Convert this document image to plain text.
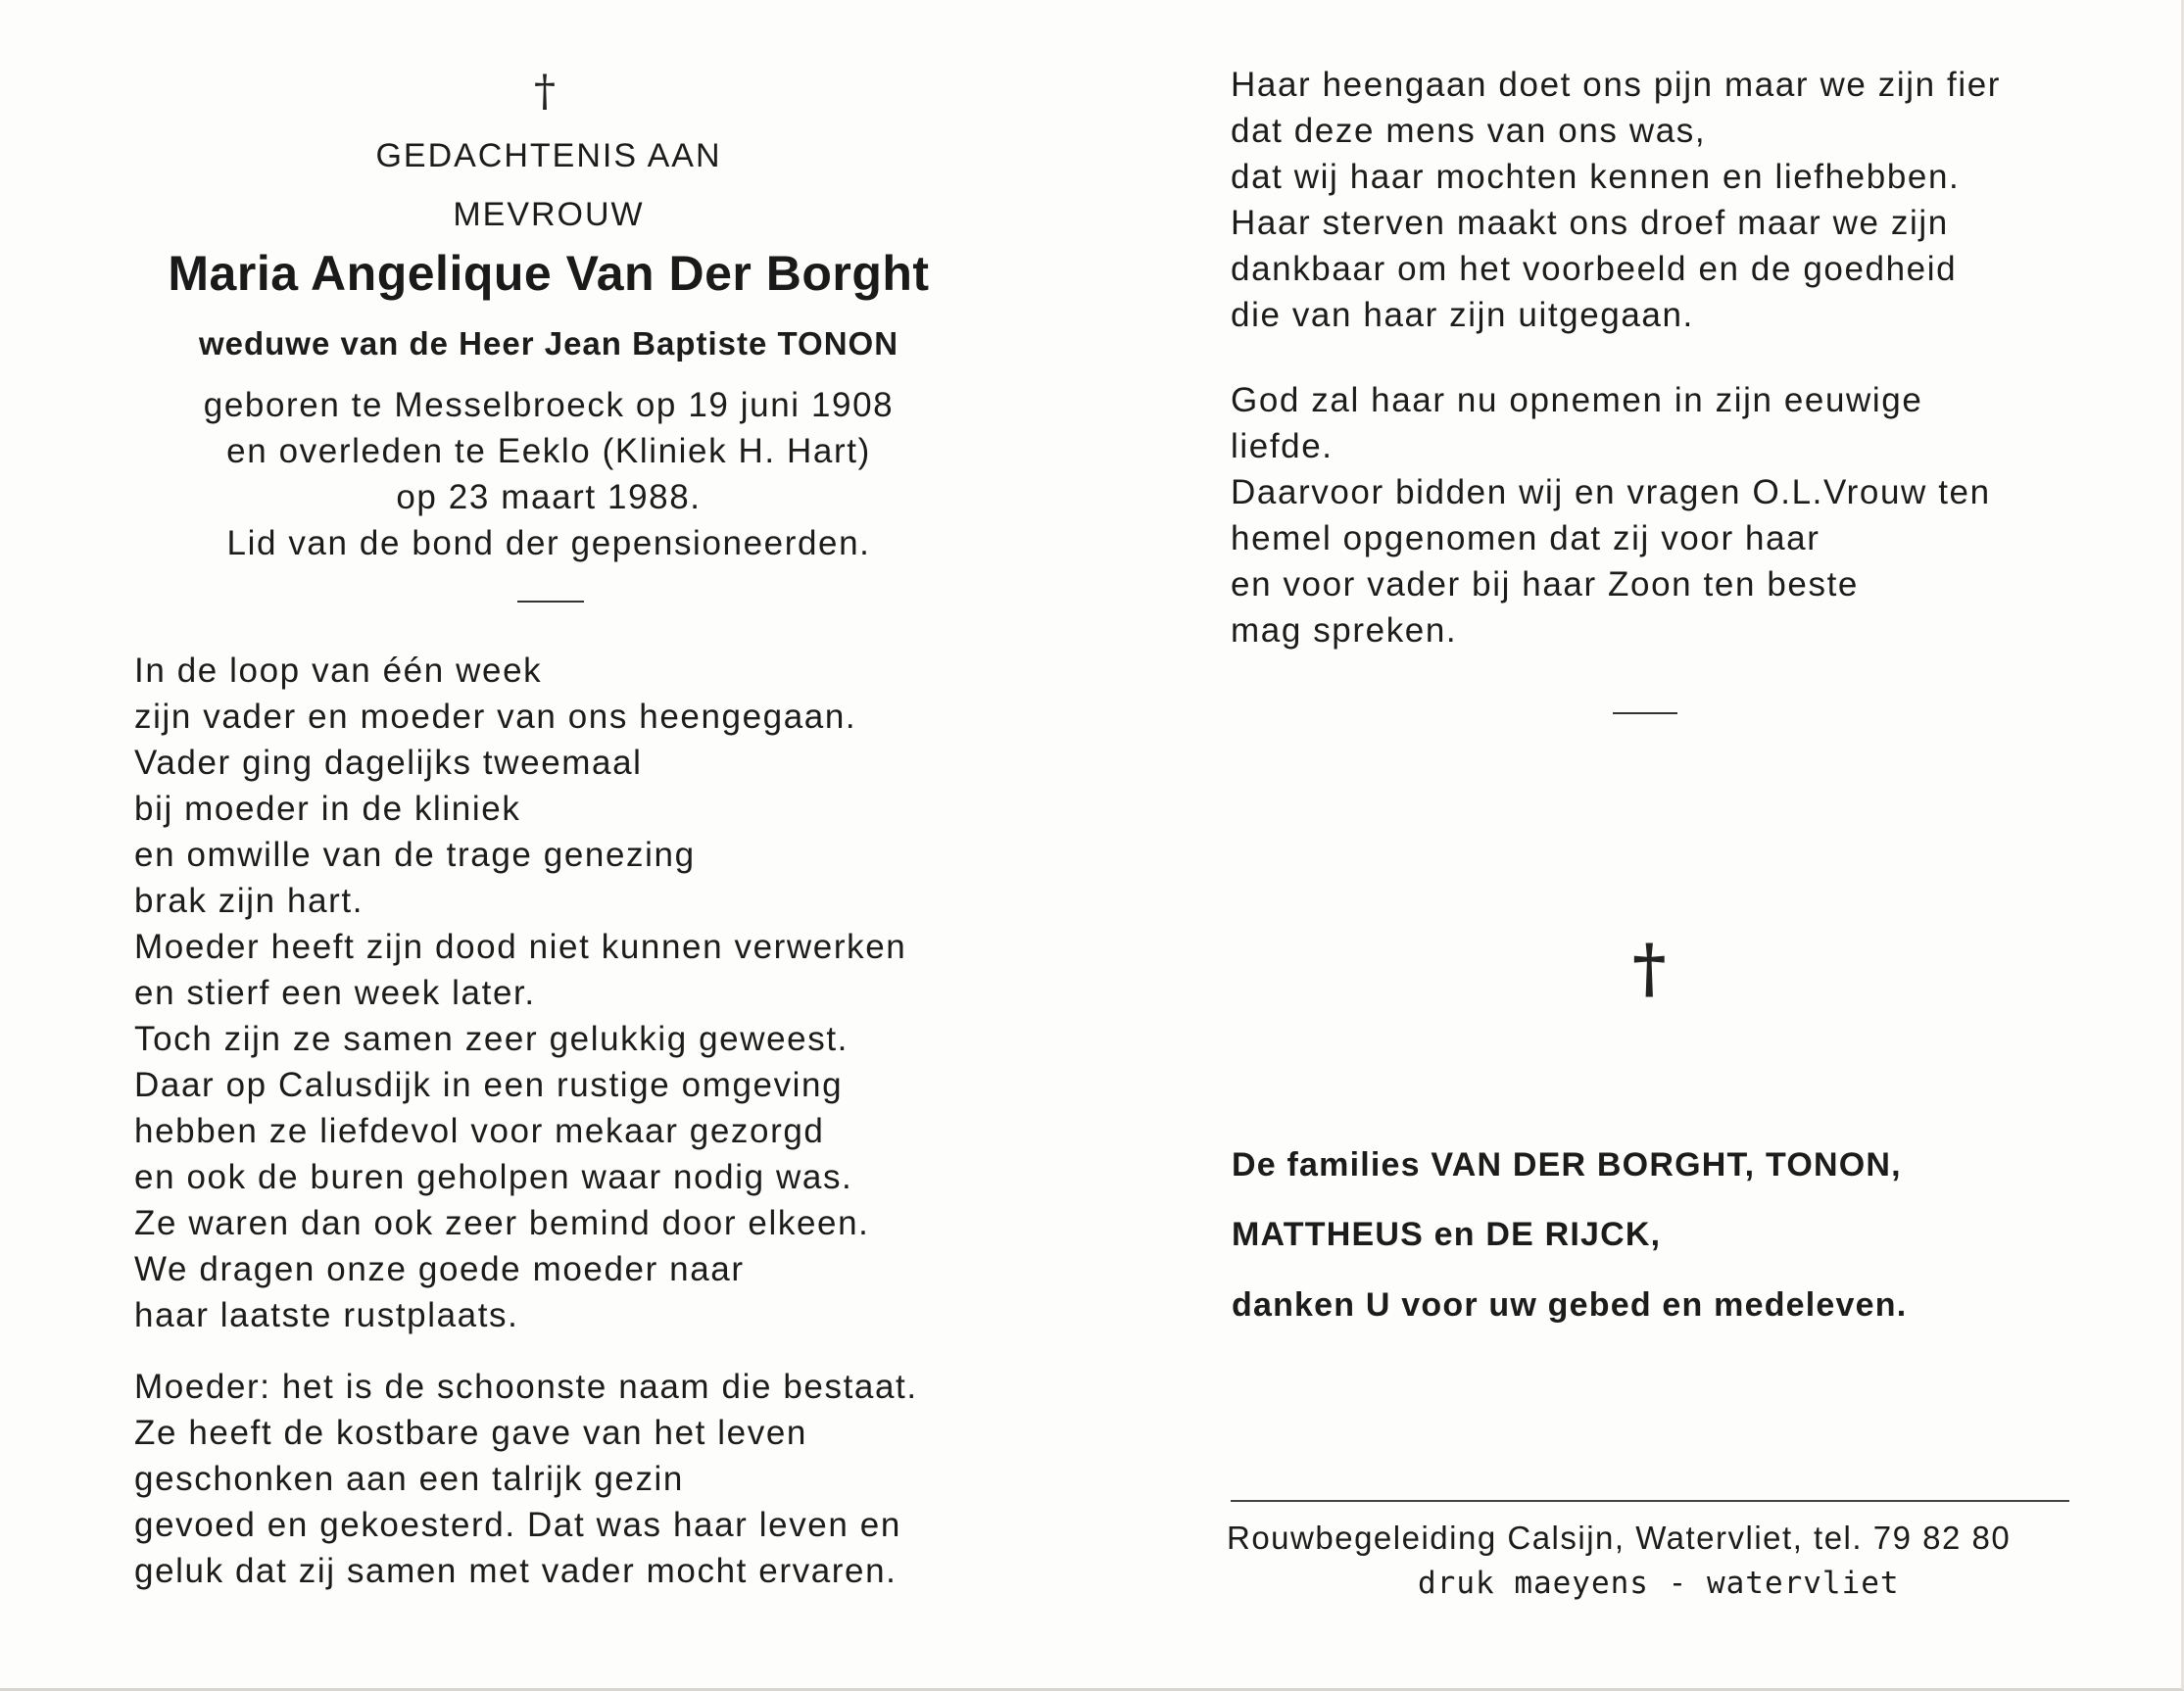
†
GEDACHTENIS AAN
MEVROUW
Maria Angelique Van Der Borght
weduwe van de Heer Jean Baptiste TONON
geboren te Messelbroeck op 19 juni 1908
en overleden te Eeklo (Kliniek H. Hart)
op 23 maart 1988.
Lid van de bond der gepensioneerden.
In de loop van één week
zijn vader en moeder van ons heengegaan.
Vader ging dagelijks tweemaal
bij moeder in de kliniek
en omwille van de trage genezing
brak zijn hart.
Moeder heeft zijn dood niet kunnen verwerken
en stierf een week later.
Toch zijn ze samen zeer gelukkig geweest.
Daar op Calusdijk in een rustige omgeving
hebben ze liefdevol voor mekaar gezorgd
en ook de buren geholpen waar nodig was.
Ze waren dan ook zeer bemind door elkeen.
We dragen onze goede moeder naar
haar laatste rustplaats.
Moeder: het is de schoonste naam die bestaat.
Ze heeft de kostbare gave van het leven
geschonken aan een talrijk gezin
gevoed en gekoesterd. Dat was haar leven en
geluk dat zij samen met vader mocht ervaren.
Haar heengaan doet ons pijn maar we zijn fier
dat deze mens van ons was,
dat wij haar mochten kennen en liefhebben.
Haar sterven maakt ons droef maar we zijn
dankbaar om het voorbeeld en de goedheid
die van haar zijn uitgegaan.
God zal haar nu opnemen in zijn eeuwige
liefde.
Daarvoor bidden wij en vragen O.L.Vrouw ten
hemel opgenomen dat zij voor haar
en voor vader bij haar Zoon ten beste
mag spreken.
†
De families VAN DER BORGHT, TONON,
MATTHEUS en DE RIJCK,
danken U voor uw gebed en medeleven.
Rouwbegeleiding Calsijn, Watervliet, tel. 79 82 80
druk maeyens - watervliet
